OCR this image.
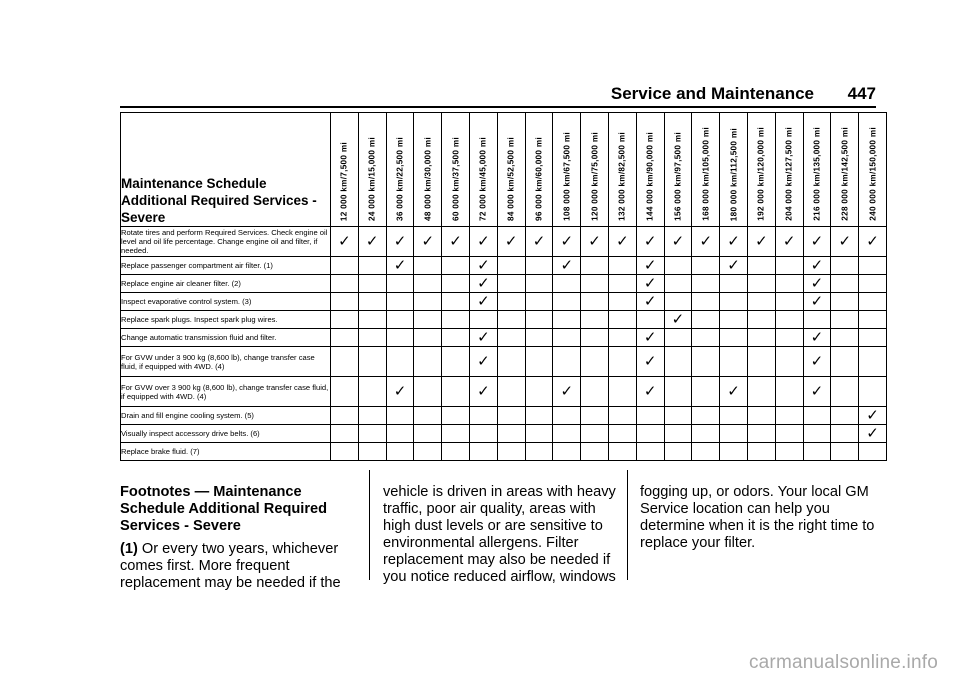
Service and Maintenance 447
Maintenance Schedule Additional Required Services - Severe	12 000 km/7,500 mi	24 000 km/15,000 mi	36 000 km/22,500 mi	48 000 km/30,000 mi	60 000 km/37,500 mi	72 000 km/45,000 mi	84 000 km/52,500 mi	96 000 km/60,000 mi	108 000 km/67,500 mi	120 000 km/75,000 mi	132 000 km/82,500 mi	144 000 km/90,000 mi	156 000 km/97,500 mi	168 000 km/105,000 mi	180 000 km/112,500 mi	192 000 km/120,000 mi	204 000 km/127,500 mi	216 000 km/135,000 mi	228 000 km/142,500 mi	240 000 km/150,000 mi

Rotate tires and perform Required Services. Check engine oil level and oil life percentage. Change engine oil and filter, if needed.	✓	✓	✓	✓	✓	✓	✓	✓	✓	✓	✓	✓	✓	✓	✓	✓	✓	✓	✓	✓
Replace passenger compartment air filter. (1)			✓			✓			✓			✓			✓			✓		
Replace engine air cleaner filter. (2)						✓						✓						✓		
Inspect evaporative control system. (3)						✓						✓						✓		
Replace spark plugs. Inspect spark plug wires.													✓							
Change automatic transmission fluid and filter.						✓						✓						✓		
For GVW under 3 900 kg (8,600 lb), change transfer case fluid, if equipped with 4WD. (4)						✓						✓						✓		
For GVW over 3 900 kg (8,600 lb), change transfer case fluid, if equipped with 4WD. (4)			✓			✓			✓			✓			✓			✓		
Drain and fill engine cooling system. (5)																				✓
Visually inspect accessory drive belts. (6)																				✓
Replace brake fluid. (7)																				
Footnotes — Maintenance Schedule Additional Required Services - Severe
(1) Or every two years, whichever comes first. More frequent replacement may be needed if the
vehicle is driven in areas with heavy traffic, poor air quality, areas with high dust levels or are sensitive to environmental allergens. Filter replacement may also be needed if you notice reduced airflow, windows
fogging up, or odors. Your local GM Service location can help you determine when it is the right time to replace your filter.
carmanualsonline.info
